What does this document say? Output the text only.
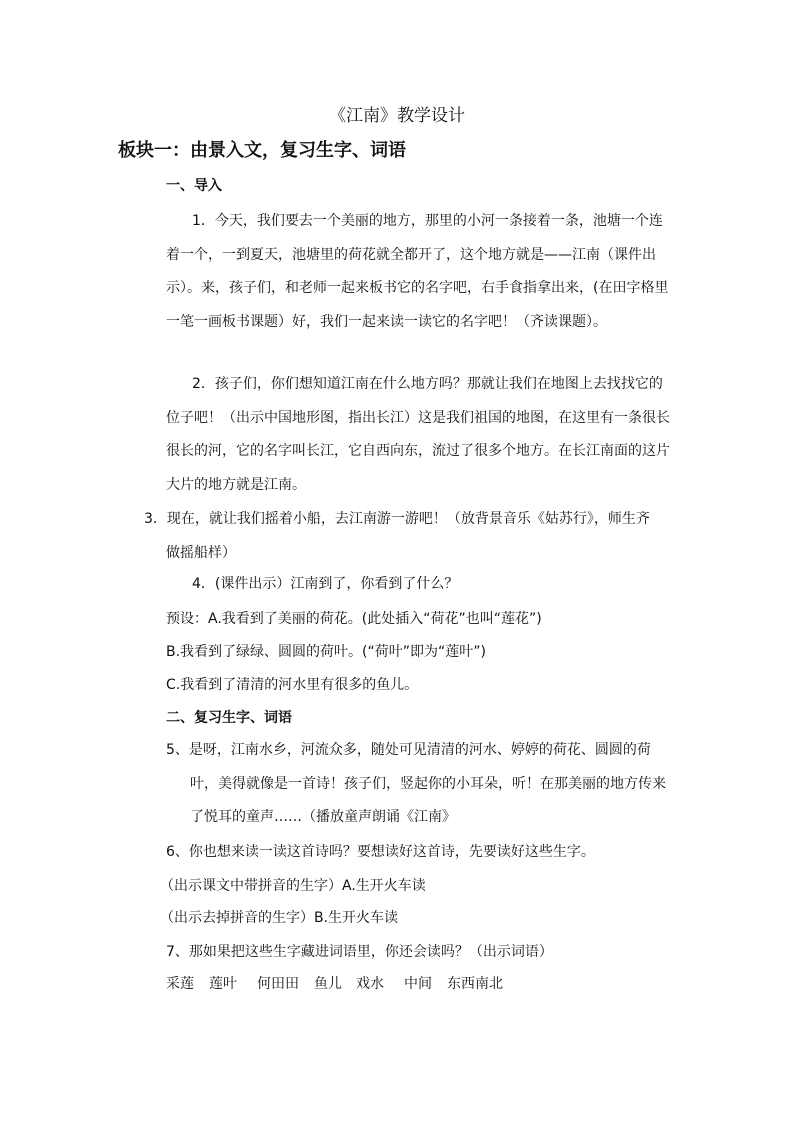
《江南》教学设计
板块一：由景入文，复习生字、词语
一、导入

1．今天，我们要去一个美丽的地方，那里的小河一条接着一条，池塘一个连着一个，一到夏天，池塘里的荷花就全都开了，这个地方就是——江南（课件出示）。来，孩子们，和老师一起来板书它的名字吧，右手食指拿出来，(在田字格里一笔一画板书课题）好，我们一起来读一读它的名字吧！（齐读课题）。

2．孩子们，你们想知道江南在什么地方吗？那就让我们在地图上去找找它的位子吧！（出示中国地形图，指出长江）这是我们祖国的地图，在这里有一条很长很长的河，它的名字叫长江，它自西向东，流过了很多个地方。在长江南面的这片大片的地方就是江南。

3．现在，就让我们摇着小船，去江南游一游吧！（放背景音乐《姑苏行》，师生齐做摇船样）

4．(课件出示）江南到了，你看到了什么？
预设：A.我看到了美丽的荷花。(此处插入“荷花”也叫“莲花”)
B.我看到了绿绿、圆圆的荷叶。(“荷叶”即为“莲叶”)
C.我看到了清清的河水里有很多的鱼儿。
二、复习生字、词语

5、是呀，江南水乡，河流众多，随处可见清清的河水、婷婷的荷花、圆圆的荷叶，美得就像是一首诗！孩子们，竖起你的小耳朵，听！在那美丽的地方传来了悦耳的童声……（播放童声朗诵《江南》

6、你也想来读一读这首诗吗？要想读好这首诗，先要读好这些生字。
（出示课文中带拼音的生字）A.生开火车读
（出示去掉拼音的生字）B.生开火车读
7、那如果把这些生字藏进词语里，你还会读吗？（出示词语）
采莲 莲叶 何田田 鱼儿 戏水 中间 东西南北
